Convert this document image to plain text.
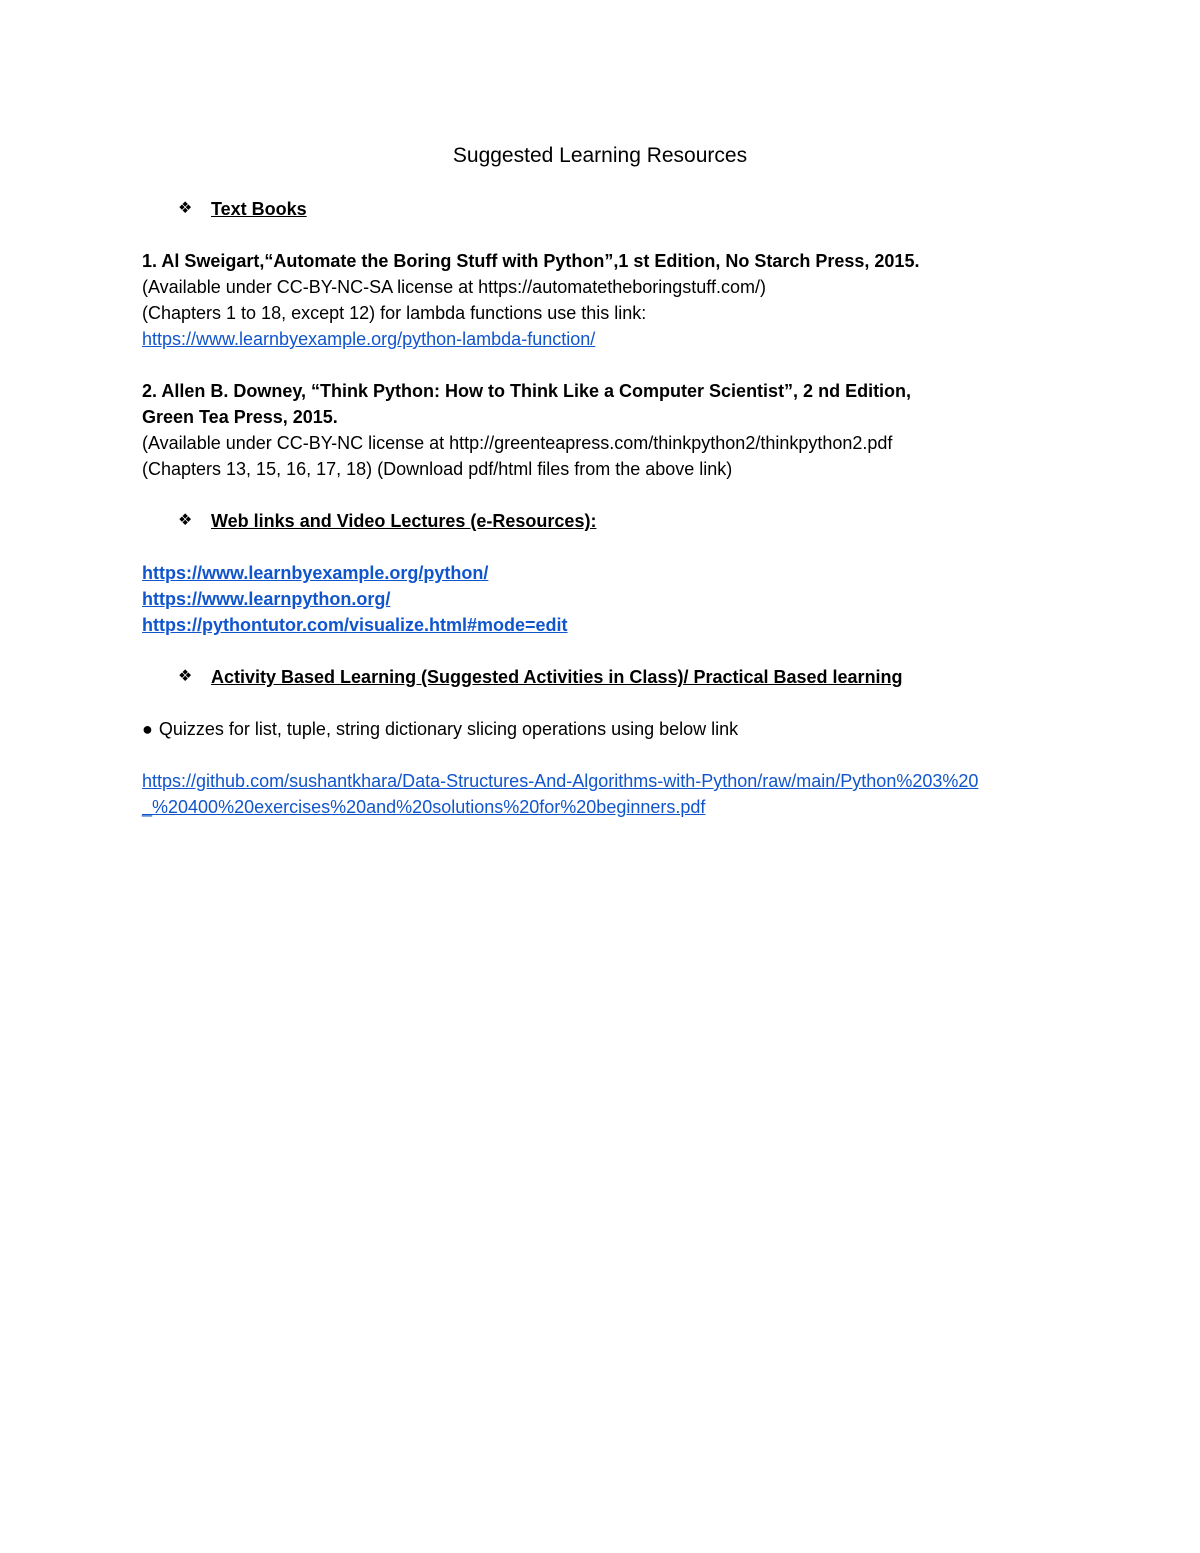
Suggested Learning Resources
❖ Text Books
1. Al Sweigart,“Automate the Boring Stuff with Python”,1 st Edition, No Starch Press, 2015.
(Available under CC-BY-NC-SA license at https://automatetheboringstuff.com/)
(Chapters 1 to 18, except 12) for lambda functions use this link:
https://www.learnbyexample.org/python-lambda-function/
2. Allen B. Downey, “Think Python: How to Think Like a Computer Scientist”, 2 nd Edition,
Green Tea Press, 2015.
(Available under CC-BY-NC license at http://greenteapress.com/thinkpython2/thinkpython2.pdf
(Chapters 13, 15, 16, 17, 18) (Download pdf/html files from the above link)
❖ Web links and Video Lectures (e-Resources):
https://www.learnbyexample.org/python/
https://www.learnpython.org/
https://pythontutor.com/visualize.html#mode=edit
❖ Activity Based Learning (Suggested Activities in Class)/ Practical Based learning
● Quizzes for list, tuple, string dictionary slicing operations using below link
https://github.com/sushantkhara/Data-Structures-And-Algorithms-with-Python/raw/main/Python%203%20
_%20400%20exercises%20and%20solutions%20for%20beginners.pdf
